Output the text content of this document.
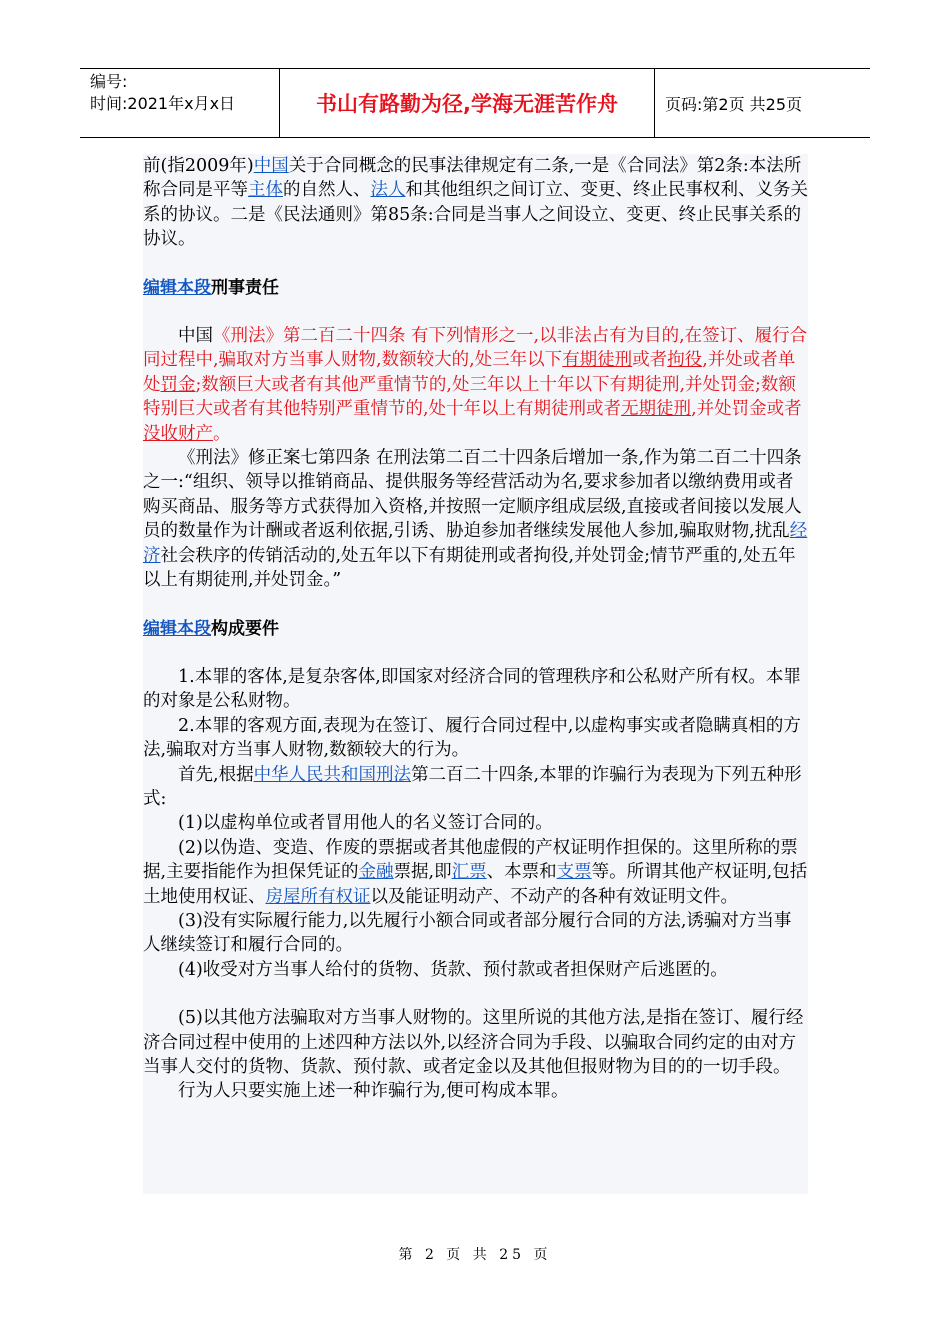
编号:
时间:2021年x月x日	书山有路勤为径,学海无涯苦作舟	页码:第2页 共25页

前(指2009年)中国关于合同概念的民事法律规定有二条,一是《合同法》第2条:本法所称合同是平等主体的自然人、法人和其他组织之间订立、变更、终止民事权利、义务关系的协议。二是《民法通则》第85条:合同是当事人之间设立、变更、终止民事关系的协议。

编辑本段刑事责任

中国《刑法》第二百二十四条 有下列情形之一,以非法占有为目的,在签订、履行合同过程中,骗取对方当事人财物,数额较大的,处三年以下有期徒刑或者拘役,并处或者单处罚金;数额巨大或者有其他严重情节的,处三年以上十年以下有期徒刑,并处罚金;数额特别巨大或者有其他特别严重情节的,处十年以上有期徒刑或者无期徒刑,并处罚金或者没收财产。

《刑法》修正案七第四条 在刑法第二百二十四条后增加一条,作为第二百二十四条之一:“组织、领导以推销商品、提供服务等经营活动为名,要求参加者以缴纳费用或者购买商品、服务等方式获得加入资格,并按照一定顺序组成层级,直接或者间接以发展人员的数量作为计酬或者返利依据,引诱、胁迫参加者继续发展他人参加,骗取财物,扰乱经济社会秩序的传销活动的,处五年以下有期徒刑或者拘役,并处罚金;情节严重的,处五年以上有期徒刑,并处罚金。”

编辑本段构成要件

1.本罪的客体,是复杂客体,即国家对经济合同的管理秩序和公私财产所有权。本罪的对象是公私财物。

2.本罪的客观方面,表现为在签订、履行合同过程中,以虚构事实或者隐瞒真相的方法,骗取对方当事人财物,数额较大的行为。

首先,根据中华人民共和国刑法第二百二十四条,本罪的诈骗行为表现为下列五种形式:

(1)以虚构单位或者冒用他人的名义签订合同的。

(2)以伪造、变造、作废的票据或者其他虚假的产权证明作担保的。这里所称的票据,主要指能作为担保凭证的金融票据,即汇票、本票和支票等。所谓其他产权证明,包括土地使用权证、房屋所有权证以及能证明动产、不动产的各种有效证明文件。

(3)没有实际履行能力,以先履行小额合同或者部分履行合同的方法,诱骗对方当事人继续签订和履行合同的。

(4)收受对方当事人给付的货物、货款、预付款或者担保财产后逃匿的。

(5)以其他方法骗取对方当事人财物的。这里所说的其他方法,是指在签订、履行经济合同过程中使用的上述四种方法以外,以经济合同为手段、以骗取合同约定的由对方当事人交付的货物、货款、预付款、或者定金以及其他但报财物为目的的一切手段。

行为人只要实施上述一种诈骗行为,便可构成本罪。

第 2 页 共 25 页
